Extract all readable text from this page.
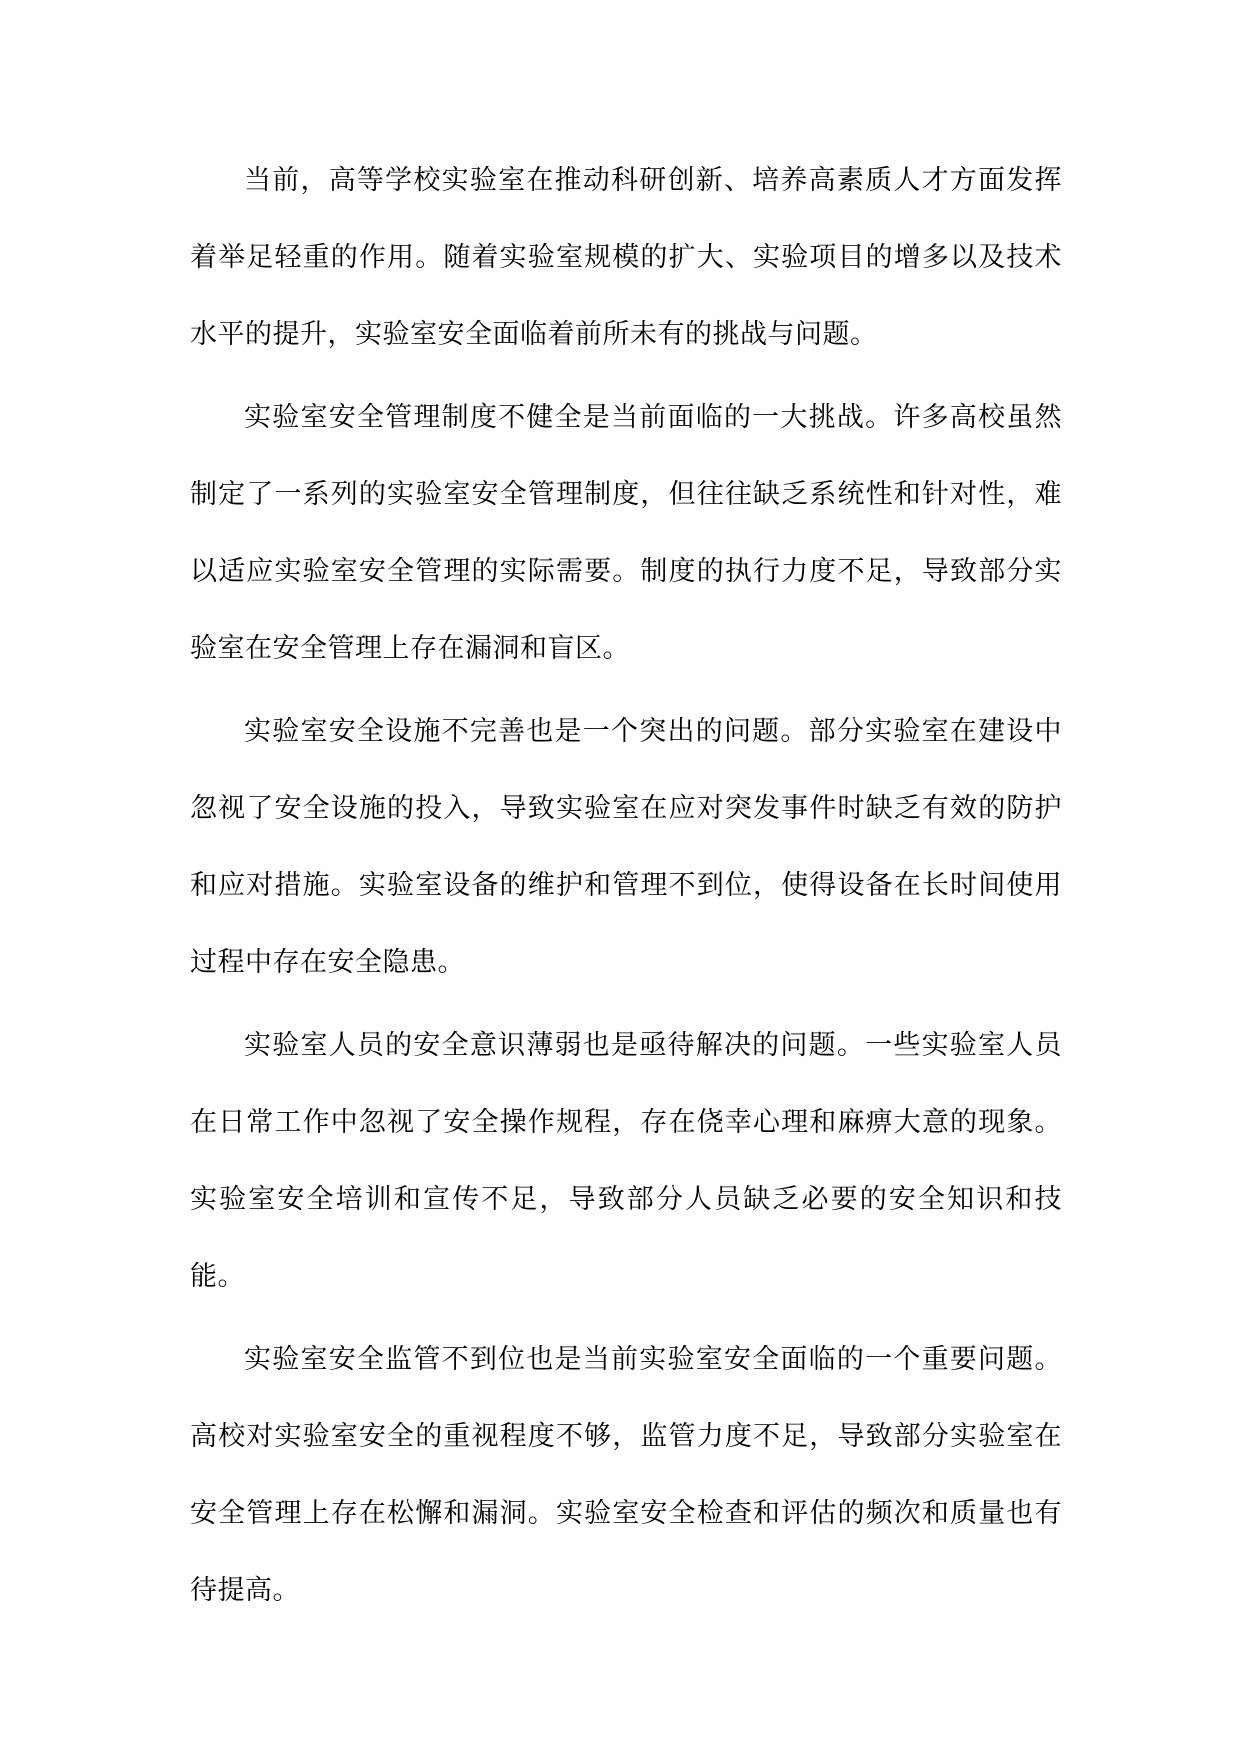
当前，高等学校实验室在推动科研创新、培养高素质人才方面发挥着举足轻重的作用。随着实验室规模的扩大、实验项目的增多以及技术水平的提升，实验室安全面临着前所未有的挑战与问题。

实验室安全管理制度不健全是当前面临的一大挑战。许多高校虽然制定了一系列的实验室安全管理制度，但往往缺乏系统性和针对性，难以适应实验室安全管理的实际需要。制度的执行力度不足，导致部分实验室在安全管理上存在漏洞和盲区。

实验室安全设施不完善也是一个突出的问题。部分实验室在建设中忽视了安全设施的投入，导致实验室在应对突发事件时缺乏有效的防护和应对措施。实验室设备的维护和管理不到位，使得设备在长时间使用过程中存在安全隐患。

实验室人员的安全意识薄弱也是亟待解决的问题。一些实验室人员在日常工作中忽视了安全操作规程，存在侥幸心理和麻痹大意的现象。实验室安全培训和宣传不足，导致部分人员缺乏必要的安全知识和技能。

实验室安全监管不到位也是当前实验室安全面临的一个重要问题。高校对实验室安全的重视程度不够，监管力度不足，导致部分实验室在安全管理上存在松懈和漏洞。实验室安全检查和评估的频次和质量也有待提高。
